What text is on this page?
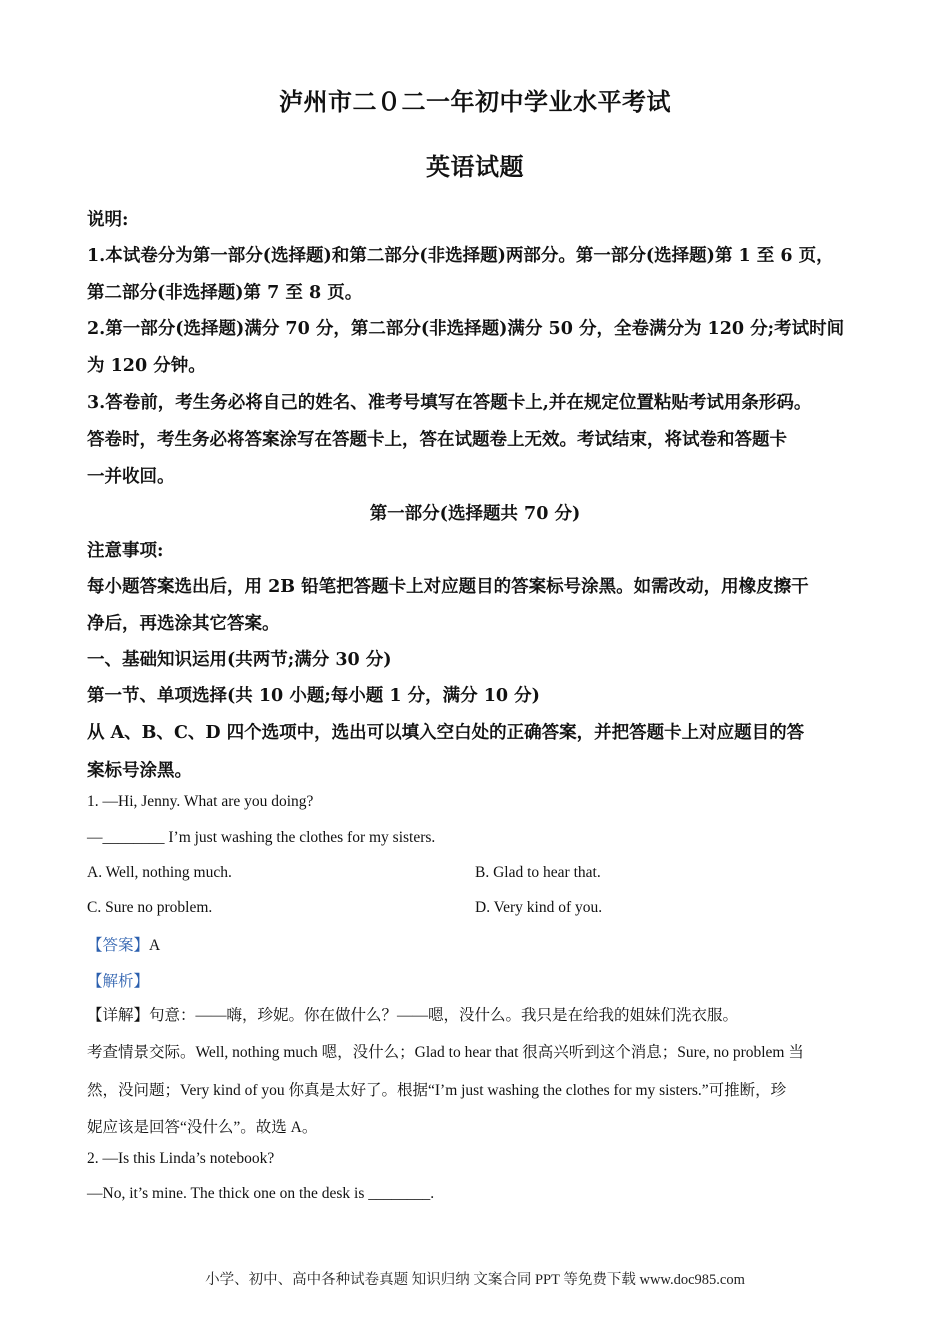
泸州市二０二一年初中学业水平考试
英语试题
说明:
1.本试卷分为第一部分(选择题)和第二部分(非选择题)两部分。第一部分(选择题)第 1 至 6 页，
第二部分(非选择题)第 7 至 8 页。
2.第一部分(选择题)满分 70 分，第二部分(非选择题)满分 50 分，全卷满分为 120 分;考试时间
为 120 分钟。
3.答卷前，考生务必将自己的姓名、准考号填写在答题卡上,并在规定位置粘贴考试用条形码。
答卷时，考生务必将答案涂写在答题卡上，答在试题卷上无效。考试结束，将试卷和答题卡
一并收回。
第一部分(选择题共 70 分)
注意事项:
每小题答案选出后，用 2B 铅笔把答题卡上对应题目的答案标号涂黑。如需改动，用橡皮擦干
净后，再选涂其它答案。
一、基础知识运用(共两节;满分 30 分)
第一节、单项选择(共 10 小题;每小题 1 分，满分 10 分)
从 A、B、C、D 四个选项中，选出可以填入空白处的正确答案，并把答题卡上对应题目的答
案标号涂黑。
1. —Hi, Jenny. What are you doing?
—________ I’m just washing the clothes for my sisters.
A. Well, nothing much.	B. Glad to hear that.
C. Sure no problem.	D. Very kind of you.
【答案】A
【解析】
【详解】句意：——嗨，珍妮。你在做什么？——嗯，没什么。我只是在给我的姐妹们洗衣服。
考查情景交际。Well, nothing much 嗯，没什么；Glad to hear that 很高兴听到这个消息；Sure, no problem 当
然，没问题；Very kind of you 你真是太好了。根据“I’m just washing the clothes for my sisters.”可推断，珍
妮应该是回答“没什么”。故选 A。
2. —Is this Linda’s notebook?
—No, it’s mine. The thick one on the desk is ________.
小学、初中、高中各种试卷真题 知识归纳 文案合同 PPT 等免费下载 www.doc985.com
